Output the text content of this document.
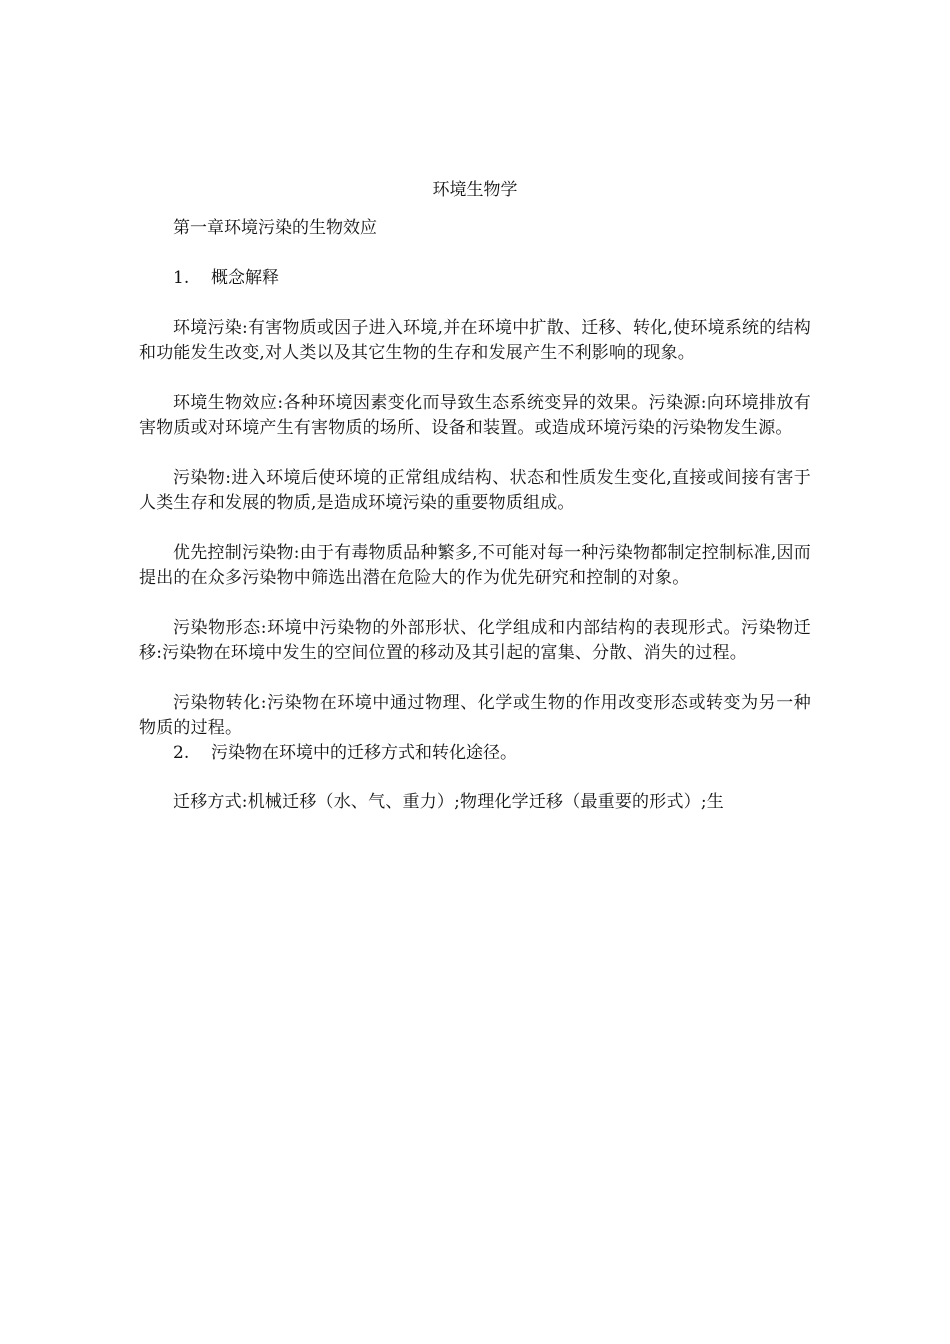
环境生物学

第一章环境污染的生物效应

1. 概念解释

环境污染:有害物质或因子进入环境,并在环境中扩散、迁移、转化,使环境系统的结构和功能发生改变,对人类以及其它生物的生存和发展产生不利影响的现象。

环境生物效应:各种环境因素变化而导致生态系统变异的效果。污染源:向环境排放有害物质或对环境产生有害物质的场所、设备和装置。或造成环境污染的污染物发生源。

污染物:进入环境后使环境的正常组成结构、状态和性质发生变化,直接或间接有害于人类生存和发展的物质,是造成环境污染的重要物质组成。

优先控制污染物:由于有毒物质品种繁多,不可能对每一种污染物都制定控制标准,因而提出的在众多污染物中筛选出潜在危险大的作为优先研究和控制的对象。

污染物形态:环境中污染物的外部形状、化学组成和内部结构的表现形式。污染物迁移:污染物在环境中发生的空间位置的移动及其引起的富集、分散、消失的过程。

污染物转化:污染物在环境中通过物理、化学或生物的作用改变形态或转变为另一种物质的过程。

2. 污染物在环境中的迁移方式和转化途径。

迁移方式:机械迁移（水、气、重力）;物理化学迁移（最重要的形式）;生
